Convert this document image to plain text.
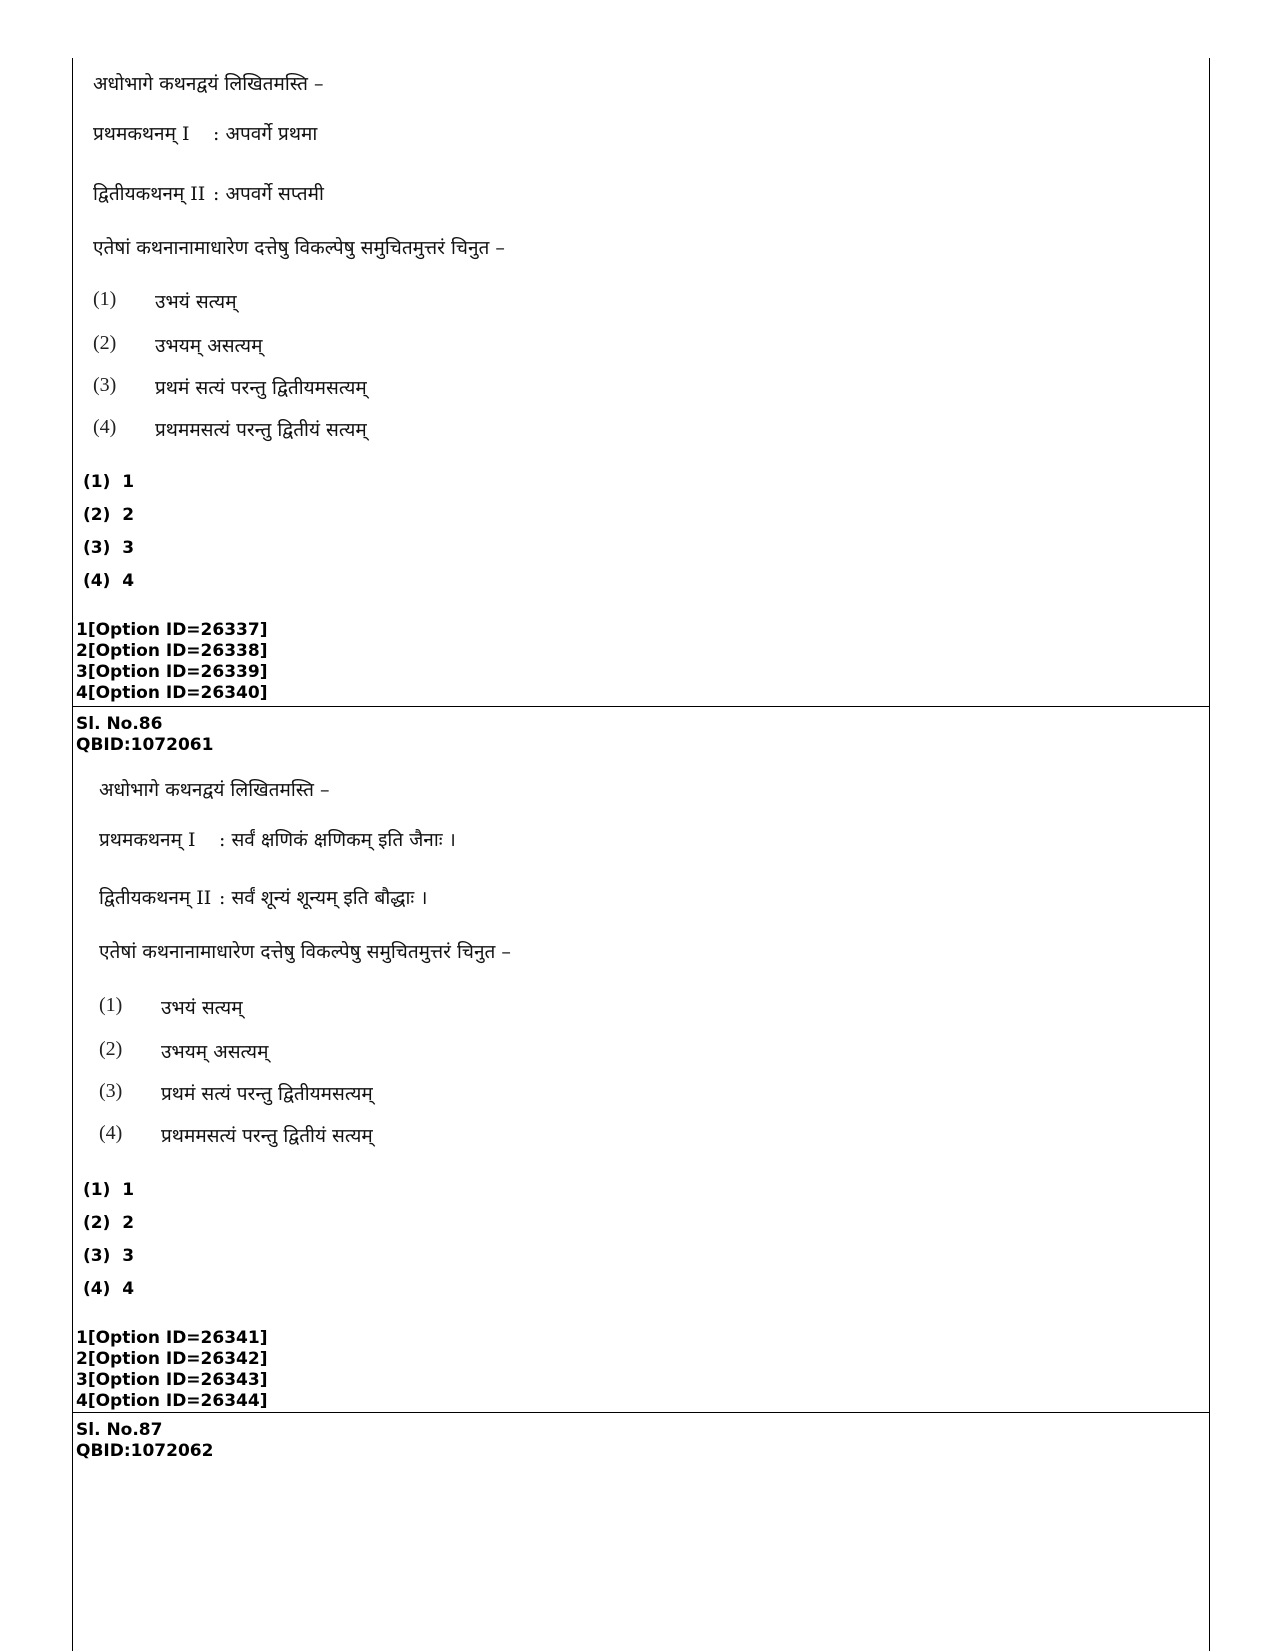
अधोभागे कथनद्वयं लिखितमस्ति –
प्रथमकथनम् I : अपवर्गे प्रथमा
द्वितीयकथनम् II : अपवर्गे सप्तमी
एतेषां कथनानामाधारेण दत्तेषु विकल्पेषु समुचितमुत्तरं चिनुत –
(1) उभयं सत्यम्
(2) उभयम् असत्यम्
(3) प्रथमं सत्यं परन्तु द्वितीयमसत्यम्
(4) प्रथममसत्यं परन्तु द्वितीयं सत्यम्
(1)  1
(2)  2
(3)  3
(4)  4
1[Option ID=26337]
2[Option ID=26338]
3[Option ID=26339]
4[Option ID=26340]
Sl. No.86
QBID:1072061
अधोभागे कथनद्वयं लिखितमस्ति –
प्रथमकथनम् I : सर्वं क्षणिकं क्षणिकम् इति जैनाः ।
द्वितीयकथनम् II : सर्वं शून्यं शून्यम् इति बौद्धाः ।
एतेषां कथनानामाधारेण दत्तेषु विकल्पेषु समुचितमुत्तरं चिनुत –
(1) उभयं सत्यम्
(2) उभयम् असत्यम्
(3) प्रथमं सत्यं परन्तु द्वितीयमसत्यम्
(4) प्रथममसत्यं परन्तु द्वितीयं सत्यम्
(1)  1
(2)  2
(3)  3
(4)  4
1[Option ID=26341]
2[Option ID=26342]
3[Option ID=26343]
4[Option ID=26344]
Sl. No.87
QBID:1072062
